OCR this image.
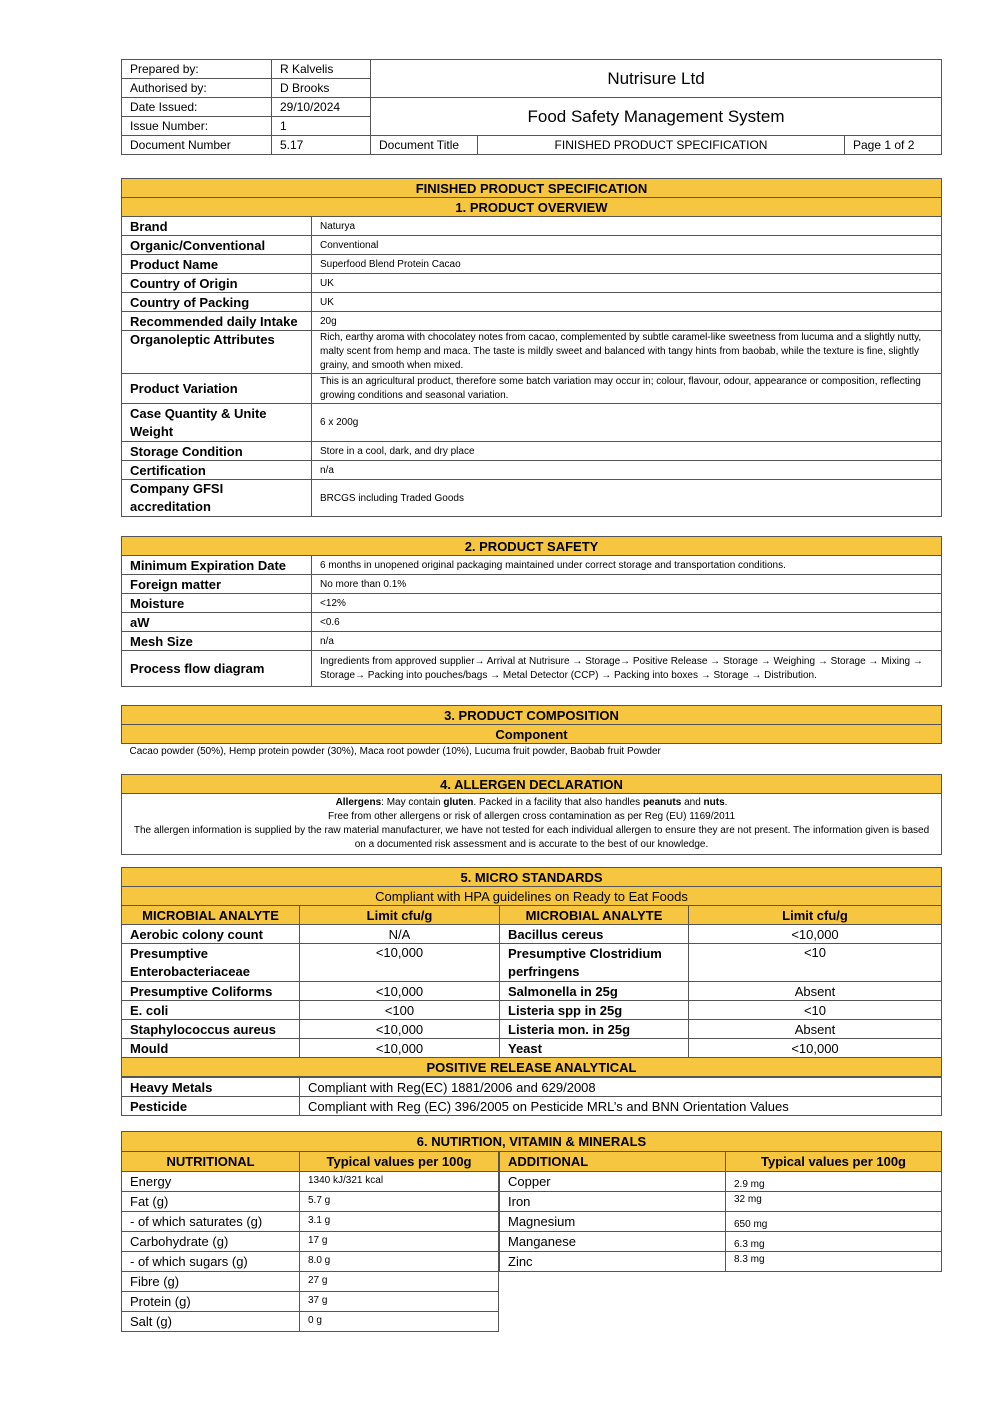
Prepared by:	R Kalvelis	Nutrisure Ltd		
Authorised by:	D Brooks			
Date Issued:	29/10/2024	Food Safety Management System		
Issue Number:	1			
Document Number	5.17	Document Title	FINISHED PRODUCT SPECIFICATION	Page 1 of 2
FINISHED PRODUCT SPECIFICATION	
1. PRODUCT OVERVIEW	
Brand	Naturya
Organic/Conventional	Conventional
Product Name	Superfood Blend Protein Cacao
Country of Origin	UK
Country of Packing	UK
Recommended daily Intake	20g
Organoleptic Attributes	Rich, earthy aroma with chocolatey notes from cacao, complemented by subtle caramel-like sweetness from lucuma and a slightly nutty, malty scent from hemp and maca. The taste is mildly sweet and balanced with tangy hints from baobab, while the texture is fine, slightly grainy, and smooth when mixed.
Product Variation	This is an agricultural product, therefore some batch variation may occur in; colour, flavour, odour, appearance or composition, reflecting growing conditions and seasonal variation.
Case Quantity & Unite Weight	6 x 200g
Storage Condition	Store in a cool, dark, and dry place
Certification	n/a
Company GFSI accreditation	BRCGS including Traded Goods
2. PRODUCT SAFETY	
Minimum Expiration Date	6 months in unopened original packaging maintained under correct storage and transportation conditions.
Foreign matter	No more than 0.1%
Moisture	<12%
aW	<0.6
Mesh Size	n/a
Process flow diagram	Ingredients from approved supplier→ Arrival at Nutrisure → Storage→ Positive Release → Storage → Weighing → Storage → Mixing → Storage→ Packing into pouches/bags → Metal Detector (CCP) → Packing into boxes → Storage → Distribution.
3. PRODUCT COMPOSITION
Component
Cacao powder (50%), Hemp protein powder (30%), Maca root powder (10%), Lucuma fruit powder, Baobab fruit Powder
4. ALLERGEN DECLARATION

Allergens: May contain gluten. Packed in a facility that also handles peanuts and nuts.
Free from other allergens or risk of allergen cross contamination as per Reg (EU) 1169/2011
The allergen information is supplied by the raw material manufacturer, we have not tested for each individual allergen to ensure they are not present. The information given is based on a documented risk assessment and is accurate to the best of our knowledge.
5. MICRO STANDARDS			
Compliant with HPA guidelines on Ready to Eat Foods			
MICROBIAL ANALYTE	Limit cfu/g	MICROBIAL ANALYTE	Limit cfu/g
Aerobic colony count	N/A	Bacillus cereus	<10,000
Presumptive Enterobacteriaceae	<10,000	Presumptive Clostridium perfringens	<10
Presumptive Coliforms	<10,000	Salmonella in 25g	Absent
E. coli	<100	Listeria spp in 25g	<10
Staphylococcus aureus	<10,000	Listeria mon. in 25g	Absent
Mould	<10,000	Yeast	<10,000
POSITIVE RELEASE ANALYTICAL			
Heavy Metals	Compliant with Reg(EC) 1881/2006 and 629/2008
Pesticide	Compliant with Reg (EC) 396/2005 on Pesticide MRL’s and BNN Orientation Values
6. NUTIRTION, VITAMIN & MINERALS
NUTRITIONAL	Typical values per 100g
Energy	1340 kJ/321 kcal
Fat (g)	5.7 g
- of which saturates (g)	3.1 g
Carbohydrate (g)	17 g
- of which sugars (g)	8.0 g
Fibre (g)	27 g
Protein (g)	37 g
Salt (g)	0 g
ADDITIONAL	Typical values per 100g
Copper	2.9 mg
Iron	32 mg
Magnesium	650 mg
Manganese	6.3 mg
Zinc	8.3 mg
